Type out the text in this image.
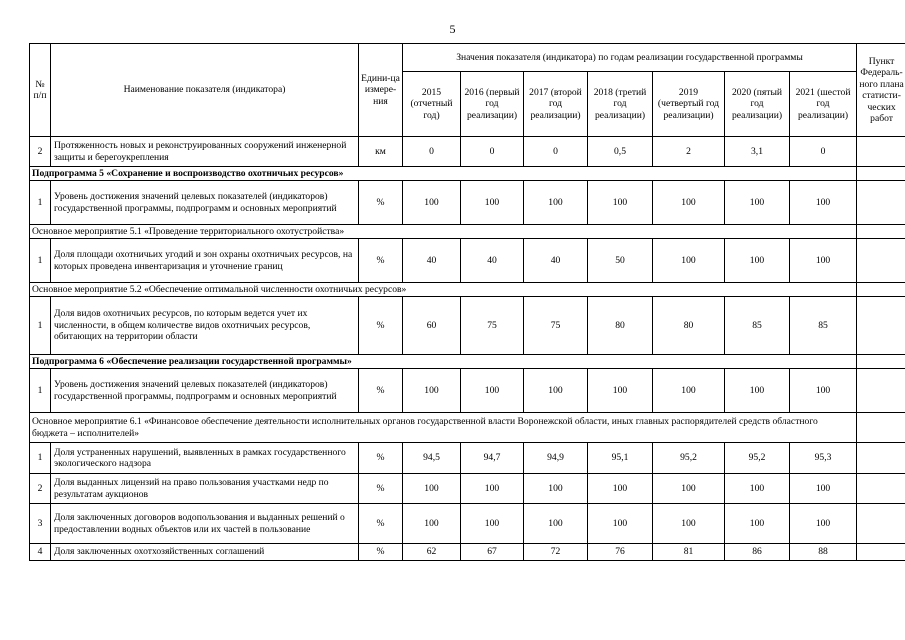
5
№ п/п	Наименование показателя (индикатора)	Едини-ца измере-ния	Значения показателя (индикатора) по годам реализации государственной программы							Пункт Федераль-ного плана статисти-ческих работ
			2015 (отчетный год)	2016 (первый год реализации)	2017 (второй год реализации)	2018 (третий год реализации)	2019 (четвертый год реализации)	2020 (пятый год реализации)	2021 (шестой год реализации)	
2	Протяженность новых и реконструированных сооружений инженерной защиты и берегоукрепления	км	0	0	0	0,5	2	3,1	0	
Подпрограмма 5 «Сохранение и воспроизводство охотничьих ресурсов»										
1	Уровень достижения значений целевых показателей (индикаторов) государственной программы, подпрограмм и основных мероприятий	%	100	100	100	100	100	100	100	
Основное мероприятие 5.1 «Проведение территориального охотустройства»										
1	Доля площади охотничьих угодий и зон охраны охотничьих ресурсов, на которых проведена инвентаризация и уточнение границ	%	40	40	40	50	100	100	100	
Основное мероприятие 5.2 «Обеспечение оптимальной численности охотничьих ресурсов»										
1	Доля видов охотничьих ресурсов, по которым ведется учет их численности, в общем количестве видов охотничьих ресурсов, обитающих на территории области	%	60	75	75	80	80	85	85	
Подпрограмма 6 «Обеспечение реализации государственной программы»										
1	Уровень достижения значений целевых показателей (индикаторов) государственной программы, подпрограмм и основных мероприятий	%	100	100	100	100	100	100	100	
Основное мероприятие 6.1 «Финансовое обеспечение деятельности исполнительных органов государственной власти Воронежской области, иных главных распорядителей средств областного бюджета – исполнителей»										
1	Доля устраненных нарушений, выявленных в рамках государственного экологического надзора	%	94,5	94,7	94,9	95,1	95,2	95,2	95,3	
2	Доля выданных лицензий на право пользования участками недр по результатам аукционов	%	100	100	100	100	100	100	100	
3	Доля заключенных договоров водопользования и выданных решений о предоставлении водных объектов или их частей в пользование	%	100	100	100	100	100	100	100	
4	Доля заключенных охотхозяйственных соглашений	%	62	67	72	76	81	86	88	
